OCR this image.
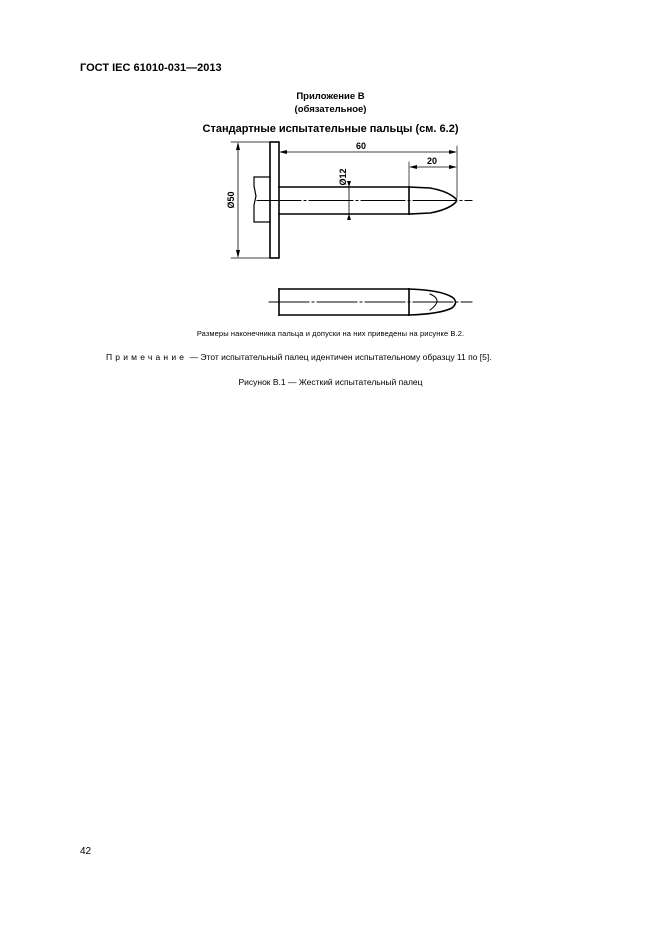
ГОСТ IEC 61010-031—2013
Приложение В
(обязательное)
Стандартные испытательные пальцы (см. 6.2)
60
20
Ø12
Ø50
Размеры наконечника пальца и допуски на них приведены на рисунке В.2.
Примечание — Этот испытательный палец идентичен испытательному образцу 11 по [5].
Рисунок В.1 — Жесткий испытательный палец
42
